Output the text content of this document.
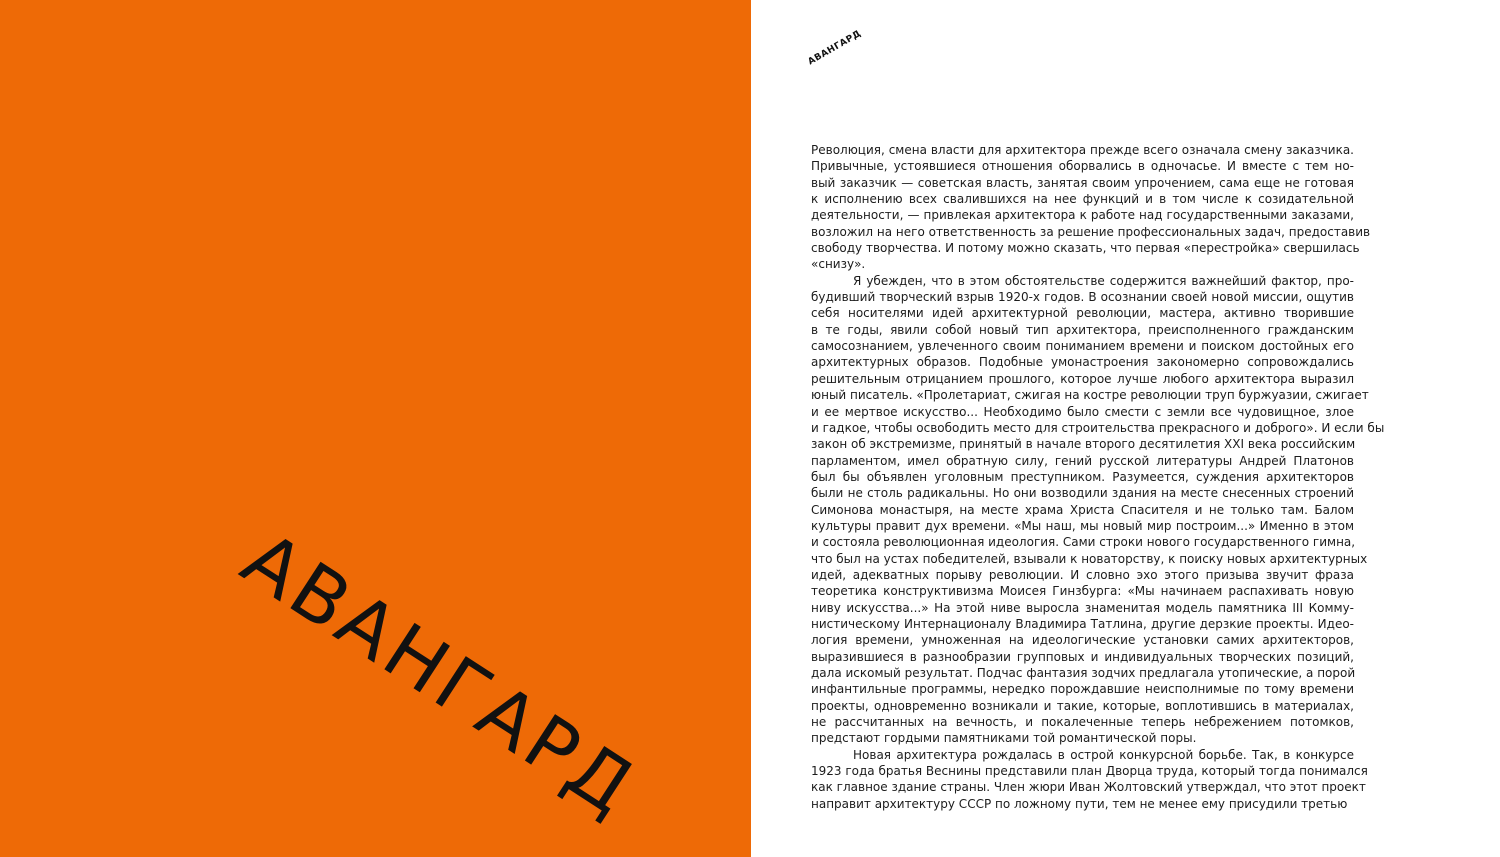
АВАНГАРД
АВАНГАРД
Революция, смена власти для архитектора прежде всего означала смену заказчика.
Привычные, устоявшиеся отношения оборвались в одночасье. И вместе с тем но-
вый заказчик — советская власть, занятая своим упрочением, сама еще не готовая
к исполнению всех свалившихся на нее функций и в том числе к созидательной
деятельности, — привлекая архитектора к работе над государственными заказами,
возложил на него ответственность за решение профессиональных задач, предоставив
свободу творчества. И потому можно сказать, что первая «перестройка» свершилась
«снизу».
Я убежден, что в этом обстоятельстве содержится важнейший фактор, про-
будивший творческий взрыв 1920-х годов. В осознании своей новой миссии, ощутив
себя носителями идей архитектурной революции, мастера, активно творившие
в те годы, явили собой новый тип архитектора, преисполненного гражданским
самосознанием, увлеченного своим пониманием времени и поиском достойных его
архитектурных образов. Подобные умонастроения закономерно сопровождались
решительным отрицанием прошлого, которое лучше любого архитектора выразил
юный писатель. «Пролетариат, сжигая на костре революции труп буржуазии, сжигает
и ее мертвое искусство... Необходимо было смести с земли все чудовищное, злое
и гадкое, чтобы освободить место для строительства прекрасного и доброго». И если бы
закон об экстремизме, принятый в начале второго десятилетия XXI века российским
парламентом, имел обратную силу, гений русской литературы Андрей Платонов
был бы объявлен уголовным преступником. Разумеется, суждения архитекторов
были не столь радикальны. Но они возводили здания на месте снесенных строений
Симонова монастыря, на месте храма Христа Спасителя и не только там. Балом
культуры правит дух времени. «Мы наш, мы новый мир построим...» Именно в этом
и состояла революционная идеология. Сами строки нового государственного гимна,
что был на устах победителей, взывали к новаторству, к поиску новых архитектурных
идей, адекватных порыву революции. И словно эхо этого призыва звучит фраза
теоретика конструктивизма Моисея Гинзбурга: «Мы начинаем распахивать новую
ниву искусства...» На этой ниве выросла знаменитая модель памятника III Комму-
нистическому Интернационалу Владимира Татлина, другие дерзкие проекты. Идео-
логия времени, умноженная на идеологические установки самих архитекторов,
выразившиеся в разнообразии групповых и индивидуальных творческих позиций,
дала искомый результат. Подчас фантазия зодчих предлагала утопические, а порой
инфантильные программы, нередко порождавшие неисполнимые по тому времени
проекты, одновременно возникали и такие, которые, воплотившись в материалах,
не рассчитанных на вечность, и покалеченные теперь небрежением потомков,
предстают гордыми памятниками той романтической поры.
Новая архитектура рождалась в острой конкурсной борьбе. Так, в конкурсе
1923 года братья Веснины представили план Дворца труда, который тогда понимался
как главное здание страны. Член жюри Иван Жолтовский утверждал, что этот проект
направит архитектуру СССР по ложному пути, тем не менее ему присудили третью
